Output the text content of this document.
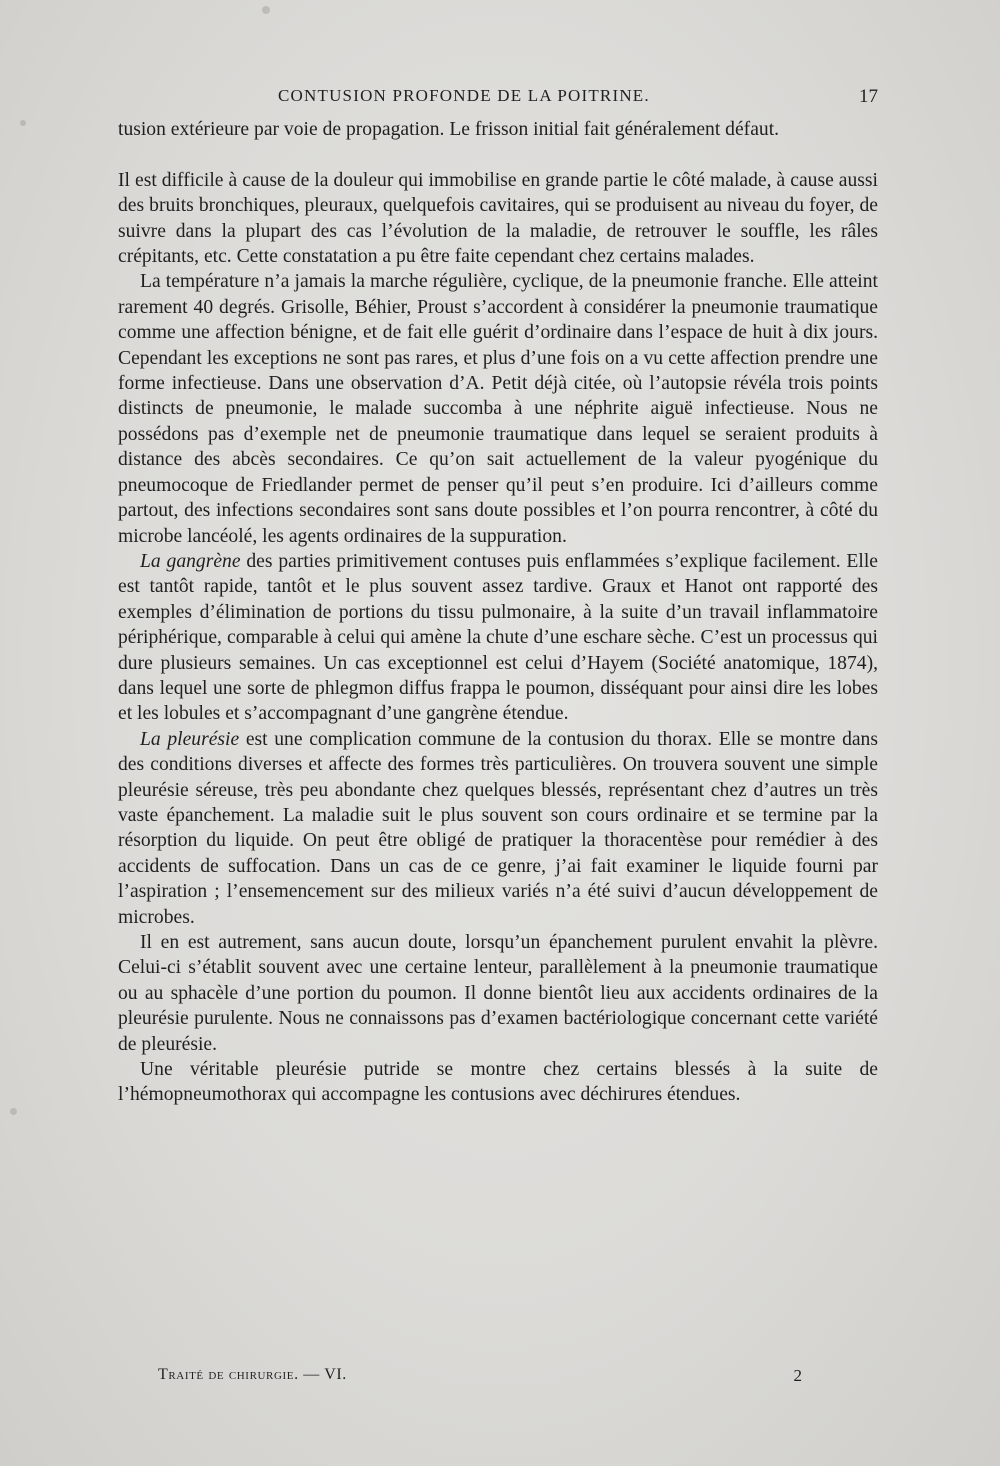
CONTUSION PROFONDE DE LA POITRINE.	17

tusion extérieure par voie de propagation. Le frisson initial fait généralement défaut.

Il est difficile à cause de la douleur qui immobilise en grande partie le côté malade, à cause aussi des bruits bronchiques, pleuraux, quelquefois cavitaires, qui se produisent au niveau du foyer, de suivre dans la plupart des cas l’évolution de la maladie, de retrouver le souffle, les râles crépitants, etc. Cette constatation a pu être faite cependant chez certains malades.

La température n’a jamais la marche régulière, cyclique, de la pneumonie franche. Elle atteint rarement 40 degrés. Grisolle, Béhier, Proust s’accordent à considérer la pneumonie traumatique comme une affection bénigne, et de fait elle guérit d’ordinaire dans l’espace de huit à dix jours. Cependant les exceptions ne sont pas rares, et plus d’une fois on a vu cette affection prendre une forme infectieuse. Dans une observation d’A. Petit déjà citée, où l’autopsie révéla trois points distincts de pneumonie, le malade succomba à une néphrite aiguë infectieuse. Nous ne possédons pas d’exemple net de pneumonie traumatique dans lequel se seraient produits à distance des abcès secondaires. Ce qu’on sait actuellement de la valeur pyogénique du pneumocoque de Friedlander permet de penser qu’il peut s’en produire. Ici d’ailleurs comme partout, des infections secondaires sont sans doute possibles et l’on pourra rencontrer, à côté du microbe lancéolé, les agents ordinaires de la suppuration.

La gangrène des parties primitivement contuses puis enflammées s’explique facilement. Elle est tantôt rapide, tantôt et le plus souvent assez tardive. Graux et Hanot ont rapporté des exemples d’élimination de portions du tissu pulmonaire, à la suite d’un travail inflammatoire périphérique, comparable à celui qui amène la chute d’une eschare sèche. C’est un processus qui dure plusieurs semaines. Un cas exceptionnel est celui d’Hayem (Société anatomique, 1874), dans lequel une sorte de phlegmon diffus frappa le poumon, disséquant pour ainsi dire les lobes et les lobules et s’accompagnant d’une gangrène étendue.

La pleurésie est une complication commune de la contusion du thorax. Elle se montre dans des conditions diverses et affecte des formes très particulières. On trouvera souvent une simple pleurésie séreuse, très peu abondante chez quelques blessés, représentant chez d’autres un très vaste épanchement. La maladie suit le plus souvent son cours ordinaire et se termine par la résorption du liquide. On peut être obligé de pratiquer la thoracentèse pour remédier à des accidents de suffocation. Dans un cas de ce genre, j’ai fait examiner le liquide fourni par l’aspiration ; l’ensemencement sur des milieux variés n’a été suivi d’aucun développement de microbes.

Il en est autrement, sans aucun doute, lorsqu’un épanchement purulent envahit la plèvre. Celui-ci s’établit souvent avec une certaine lenteur, parallèlement à la pneumonie traumatique ou au sphacèle d’une portion du poumon. Il donne bientôt lieu aux accidents ordinaires de la pleurésie purulente. Nous ne connaissons pas d’examen bactériologique concernant cette variété de pleurésie.

Une véritable pleurésie putride se montre chez certains blessés à la suite de l’hémopneumothorax qui accompagne les contusions avec déchirures étendues.

Traité de chirurgie. — VI.	2
